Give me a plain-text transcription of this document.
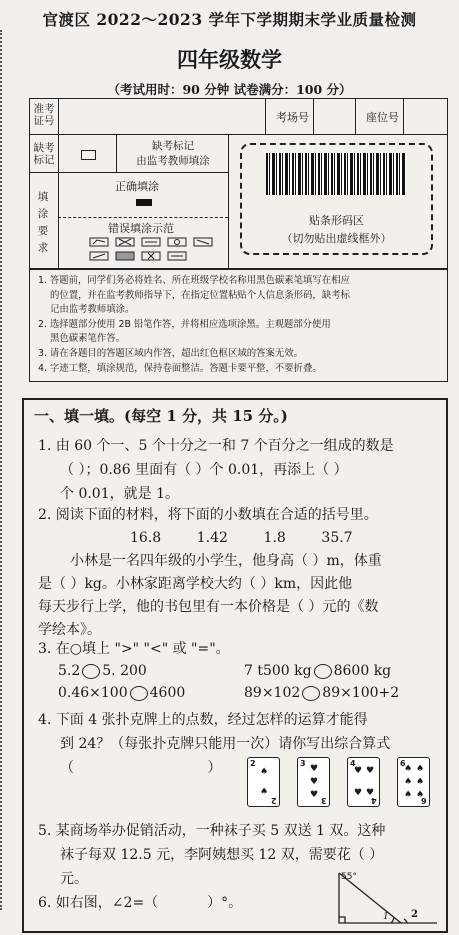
官渡区 2022～2023 学年下学期期末学业质量检测
四年级数学
（考试用时：90 分钟 试卷满分：100 分）
准考证号	考场号	座位号
缺考标记
缺考标记
由监考教师填涂
填涂要求
正确填涂
错误填涂示范
贴条形码区
（切勿贴出虚线框外）
1. 答题前，同学们务必将姓名、所在班级学校名称用黑色碳素笔填写在相应
的位置，并在监考教师指导下，在指定位置粘贴个人信息条形码，缺考标
记由监考教师填涂。
2. 选择题部分使用 2B 铅笔作答，并将相应选项涂黑。主观题部分使用
黑色碳素笔作答。
3. 请在各题目的答题区域内作答，超出红色框区域的答案无效。
4. 字迹工整，填涂规范，保持卷面整洁。答题卡要平整，不要折叠。
一、填一填。(每空 1 分，共 15 分。)
1. 由 60 个一、5 个十分之一和 7 个百分之一组成的数是
（ ）；0.86 里面有（ ）个 0.01，再添上（ ）
个 0.01，就是 1。
2. 阅读下面的材料，将下面的小数填在合适的括号里。
16.8        1.42        1.8        35.7
小林是一名四年级的小学生，他身高（ ）m，体重
是（ ）kg。小林家距离学校大约（ ）km，因此他
每天步行上学，他的书包里有一本价格是（ ）元的《数
学绘本》。
3. 在○填上 ">" "<" 或 "="。
5.2 5. 200	7 t500 kg 8600 kg
0.46×100 4600	89×102 89×100+2
4. 下面 4 张扑克牌上的点数，经过怎样的运算才能得
到 24？（每张扑克牌只能用一次）请你写出综合算式
（                              ）	2
♠
♠
2
3
♥
♥
♥
3
4
♥ ♥
♥ ♥
4
6
♠ ♠
♠ ♠
♠ ♠
6
5. 某商场举办促销活动，一种袜子买 5 双送 1 双。这种
袜子每双 12.5 元，李阿姨想买 12 双，需要花（ ）
元。
6. 如右图，∠2=（           ）°。
55°
1 2
